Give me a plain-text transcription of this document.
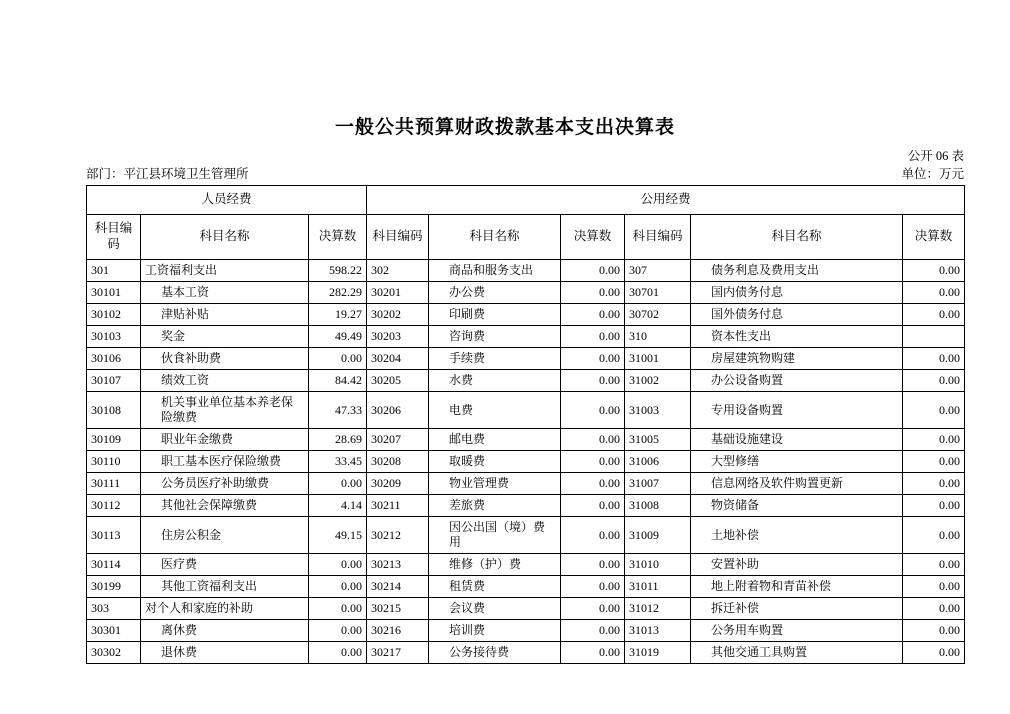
一般公共预算财政拨款基本支出决算表
公开 06 表
部门：平江县环境卫生管理所	单位：万元
人员经费			公用经费					
科目编码	科目名称	决算数	科目编码	科目名称	决算数	科目编码	科目名称	决算数
301	工资福利支出	598.22	302	商品和服务支出	0.00	307	债务利息及费用支出	0.00
30101	基本工资	282.29	30201	办公费	0.00	30701	国内债务付息	0.00
30102	津贴补贴	19.27	30202	印刷费	0.00	30702	国外债务付息	0.00
30103	奖金	49.49	30203	咨询费	0.00	310	资本性支出	
30106	伙食补助费	0.00	30204	手续费	0.00	31001	房屋建筑物购建	0.00
30107	绩效工资	84.42	30205	水费	0.00	31002	办公设备购置	0.00
30108	机关事业单位基本养老保险缴费	47.33	30206	电费	0.00	31003	专用设备购置	0.00
30109	职业年金缴费	28.69	30207	邮电费	0.00	31005	基础设施建设	0.00
30110	职工基本医疗保险缴费	33.45	30208	取暖费	0.00	31006	大型修缮	0.00
30111	公务员医疗补助缴费	0.00	30209	物业管理费	0.00	31007	信息网络及软件购置更新	0.00
30112	其他社会保障缴费	4.14	30211	差旅费	0.00	31008	物资储备	0.00
30113	住房公积金	49.15	30212	因公出国（境）费用	0.00	31009	土地补偿	0.00
30114	医疗费	0.00	30213	维修（护）费	0.00	31010	安置补助	0.00
30199	其他工资福利支出	0.00	30214	租赁费	0.00	31011	地上附着物和青苗补偿	0.00
303	对个人和家庭的补助	0.00	30215	会议费	0.00	31012	拆迁补偿	0.00
30301	离休费	0.00	30216	培训费	0.00	31013	公务用车购置	0.00
30302	退休费	0.00	30217	公务接待费	0.00	31019	其他交通工具购置	0.00
